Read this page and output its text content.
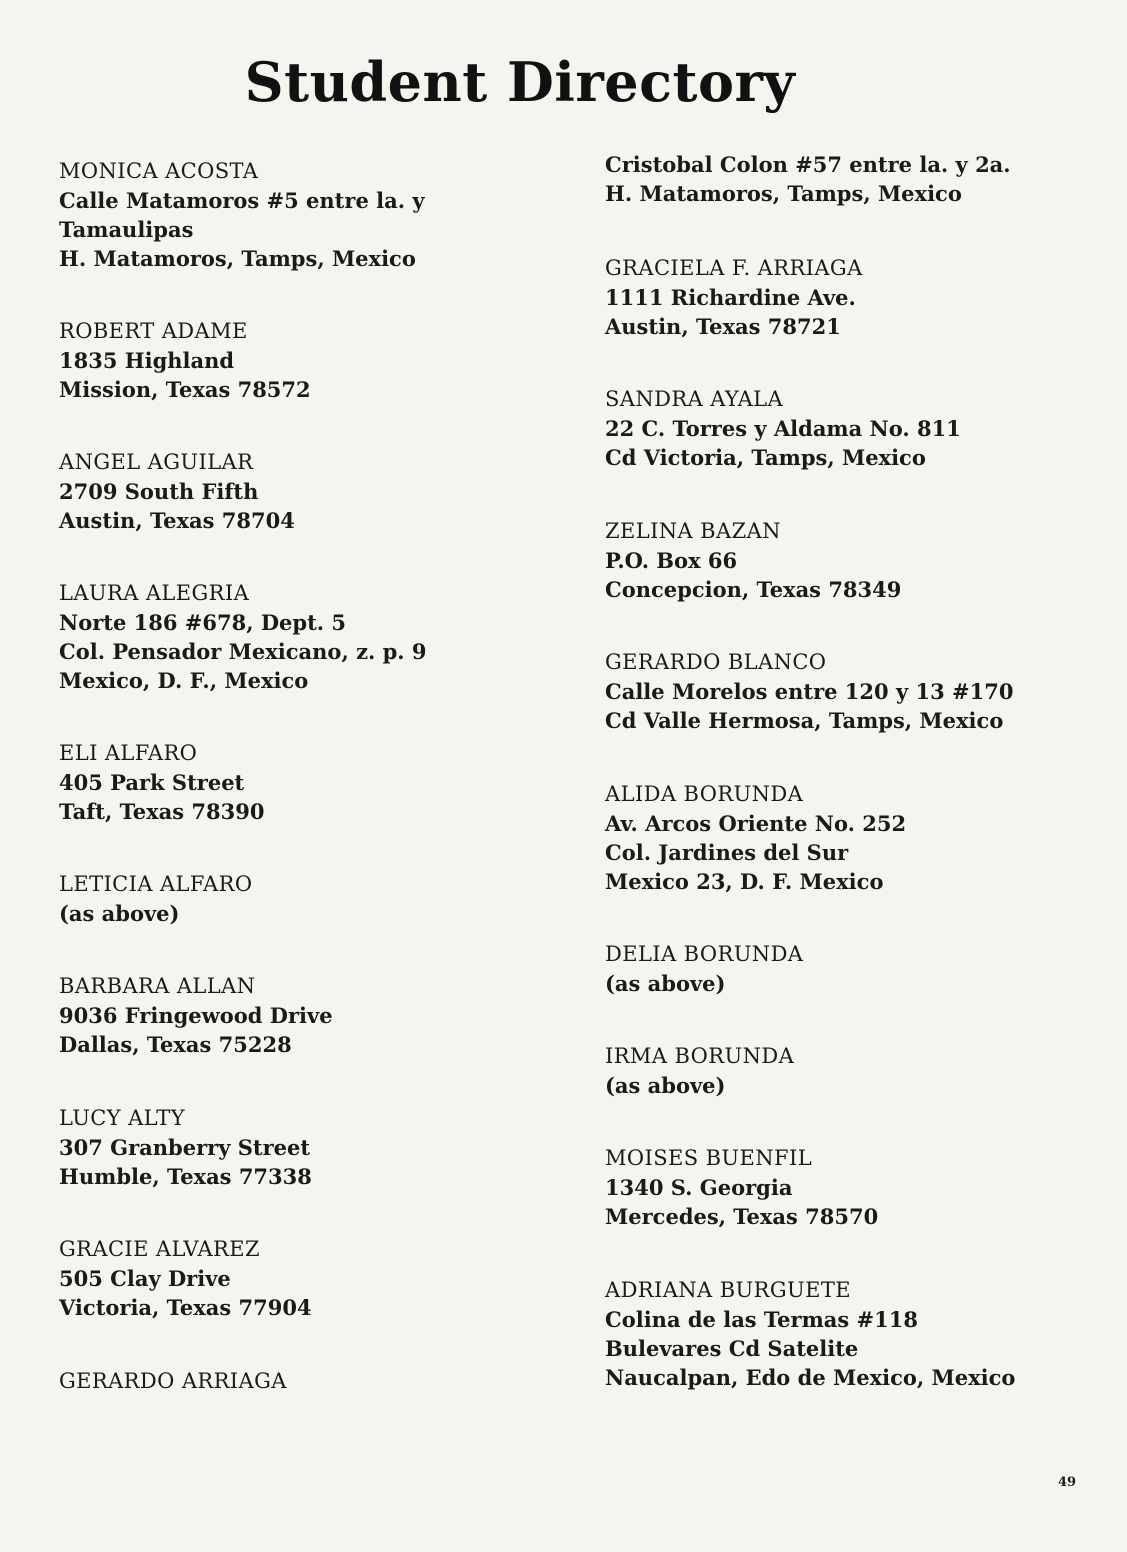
Student Directory
MONICA ACOSTA
Calle Matamoros #5 entre la. y
Tamaulipas
H. Matamoros, Tamps, Mexico
ROBERT ADAME
1835 Highland
Mission, Texas 78572
ANGEL AGUILAR
2709 South Fifth
Austin, Texas 78704
LAURA ALEGRIA
Norte 186 #678, Dept. 5
Col. Pensador Mexicano, z. p. 9
Mexico, D. F., Mexico
ELI ALFARO
405 Park Street
Taft, Texas 78390
LETICIA ALFARO
(as above)
BARBARA ALLAN
9036 Fringewood Drive
Dallas, Texas 75228
LUCY ALTY
307 Granberry Street
Humble, Texas 77338
GRACIE ALVAREZ
505 Clay Drive
Victoria, Texas 77904
GERARDO ARRIAGA
Cristobal Colon #57 entre la. y 2a.
H. Matamoros, Tamps, Mexico
GRACIELA F. ARRIAGA
1111 Richardine Ave.
Austin, Texas 78721
SANDRA AYALA
22 C. Torres y Aldama No. 811
Cd Victoria, Tamps, Mexico
ZELINA BAZAN
P.O. Box 66
Concepcion, Texas 78349
GERARDO BLANCO
Calle Morelos entre 120 y 13 #170
Cd Valle Hermosa, Tamps, Mexico
ALIDA BORUNDA
Av. Arcos Oriente No. 252
Col. Jardines del Sur
Mexico 23, D. F. Mexico
DELIA BORUNDA
(as above)
IRMA BORUNDA
(as above)
MOISES BUENFIL
1340 S. Georgia
Mercedes, Texas 78570
ADRIANA BURGUETE
Colina de las Termas #118
Bulevares Cd Satelite
Naucalpan, Edo de Mexico, Mexico
49
